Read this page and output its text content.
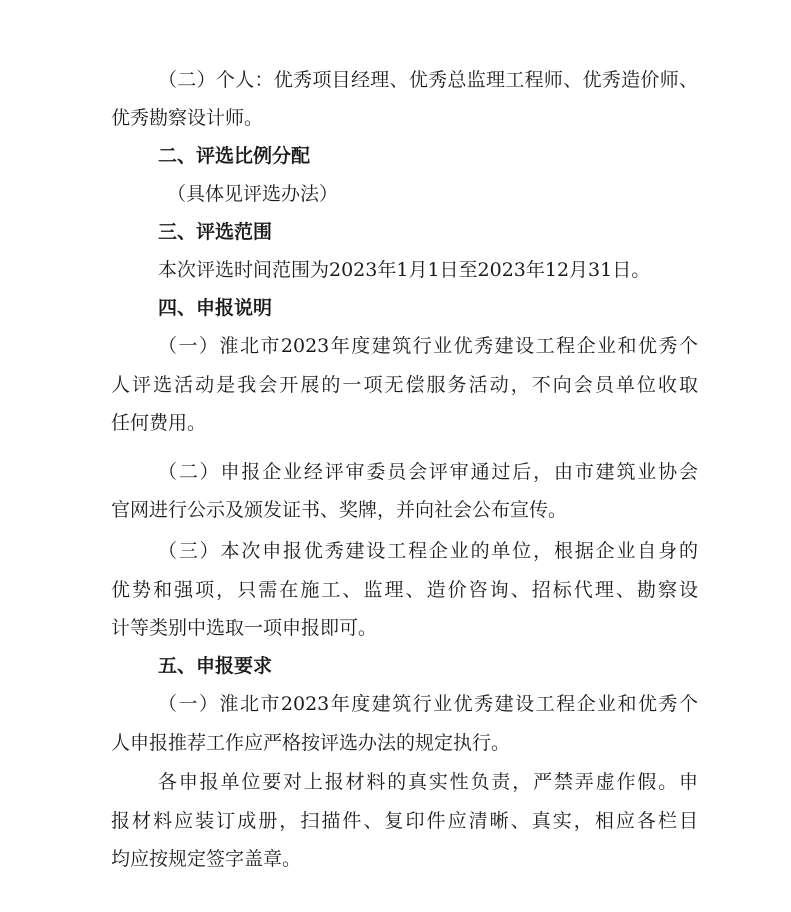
（二）个人：优秀项目经理、优秀总监理工程师、优秀造价师、
优秀勘察设计师。
二、评选比例分配
（具体见评选办法）
三、评选范围
本次评选时间范围为2023年1月1日至2023年12月31日。
四、申报说明
（一）淮北市2023年度建筑行业优秀建设工程企业和优秀个
人评选活动是我会开展的一项无偿服务活动，不向会员单位收取
任何费用。
（二）申报企业经评审委员会评审通过后，由市建筑业协会
官网进行公示及颁发证书、奖牌，并向社会公布宣传。
（三）本次申报优秀建设工程企业的单位，根据企业自身的
优势和强项，只需在施工、监理、造价咨询、招标代理、勘察设
计等类别中选取一项申报即可。
五、申报要求
（一）淮北市2023年度建筑行业优秀建设工程企业和优秀个
人申报推荐工作应严格按评选办法的规定执行。
各申报单位要对上报材料的真实性负责，严禁弄虚作假。申
报材料应装订成册，扫描件、复印件应清晰、真实，相应各栏目
均应按规定签字盖章。
